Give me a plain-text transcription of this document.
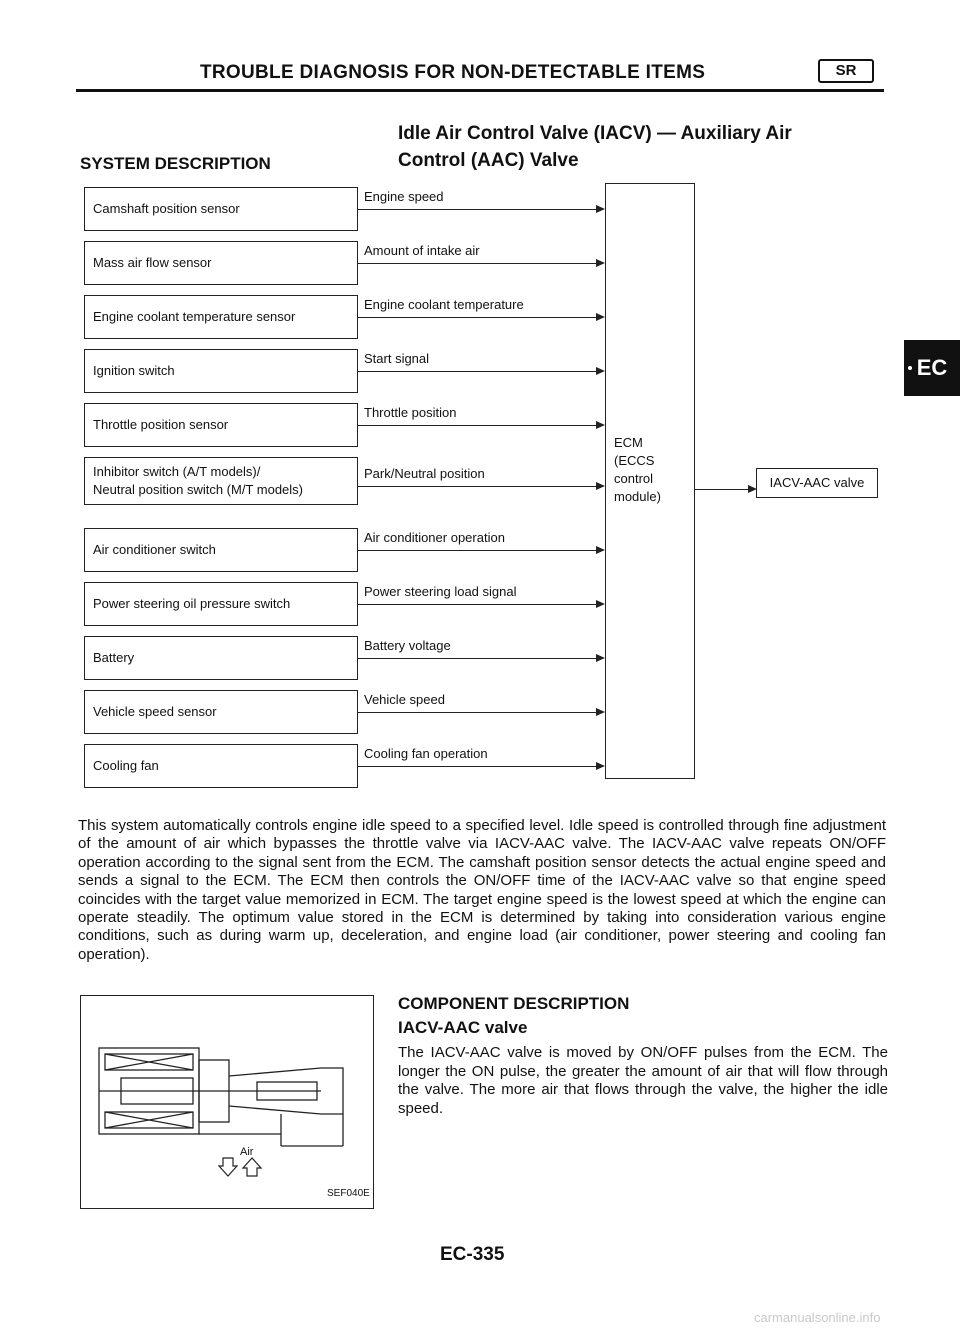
TROUBLE DIAGNOSIS FOR NON-DETECTABLE ITEMS	SR
Idle Air Control Valve (IACV) — Auxiliary Air
Control (AAC) Valve
SYSTEM DESCRIPTION
EC
Camshaft position sensor
Engine speed
Mass air flow sensor
Amount of intake air
Engine coolant temperature sensor
Engine coolant temperature
Ignition switch
Start signal
Throttle position sensor
Throttle position
Inhibitor switch (A/T models)/
Neutral position switch (M/T models)
Park/Neutral position
Air conditioner switch
Air conditioner operation
Power steering oil pressure switch
Power steering load signal
Battery
Battery voltage
Vehicle speed sensor
Vehicle speed
Cooling fan
Cooling fan operation
ECM
(ECCS
control
module)
IACV-AAC valve
This system automatically controls engine idle speed to a specified level. Idle speed is controlled through fine adjustment of the amount of air which bypasses the throttle valve via IACV-AAC valve. The IACV-AAC valve repeats ON/OFF operation according to the signal sent from the ECM. The camshaft position sensor detects the actual engine speed and sends a signal to the ECM. The ECM then controls the ON/OFF time of the IACV-AAC valve so that engine speed coincides with the target value memorized in ECM. The target engine speed is the lowest speed at which the engine can operate steadily. The optimum value stored in the ECM is determined by taking into consideration various engine conditions, such as during warm up, deceleration, and engine load (air conditioner, power steering and cooling fan operation).
Air
SEF040E
COMPONENT DESCRIPTION
IACV-AAC valve
The IACV-AAC valve is moved by ON/OFF pulses from the ECM. The longer the ON pulse, the greater the amount of air that will flow through the valve. The more air that flows through the valve, the higher the idle speed.
EC-335
carmanualsonline.info
